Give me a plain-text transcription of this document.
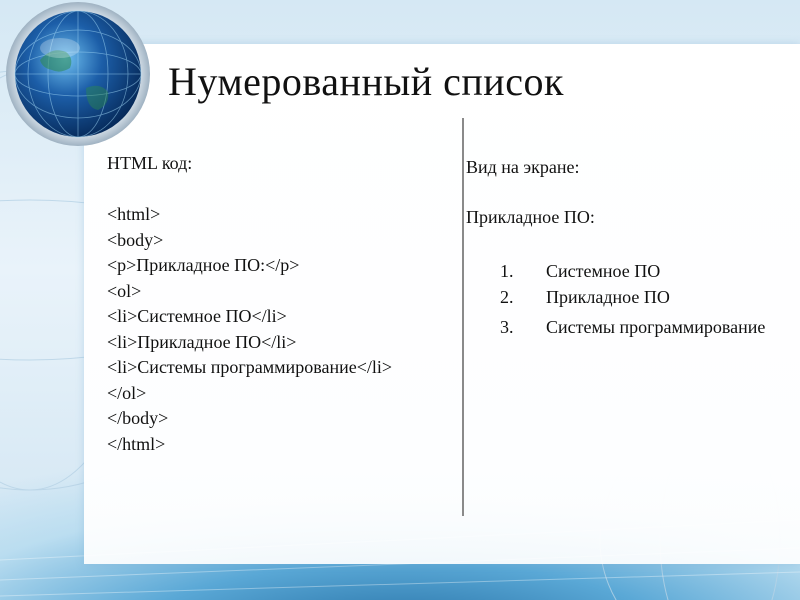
Нумерованный список
HTML код:
<html>
<body>
<p>Прикладное ПО:</p>
<ol>
<li>Системное ПО</li>
<li>Прикладное ПО</li>
<li>Системы программирование</li>
</ol>
</body>
</html>
Вид на экране:
Прикладное ПО:
1. Системное ПО
2. Прикладное ПО
3. Системы программирование
